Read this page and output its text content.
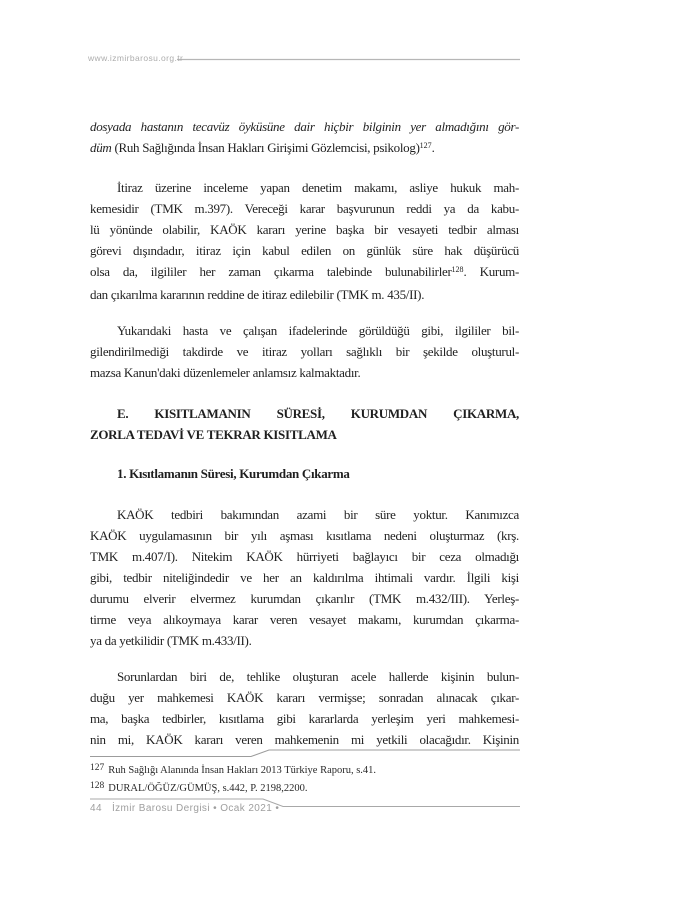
www.izmirbarosu.org.tr
dosyada hastanın tecavüz öyküsüne dair hiçbir bilginin yer almadığını gör-
düm (Ruh Sağlığında İnsan Hakları Girişimi Gözlemcisi, psikolog)$^{127}$.
İtiraz üzerine inceleme yapan denetim makamı, asliye hukuk mah-
kemesidir (TMK m.397). Vereceği karar başvurunun reddi ya da kabu-
lü yönünde olabilir, KAÖK kararı yerine başka bir vesayeti tedbir alması
görevi dışındadır, itiraz için kabul edilen on günlük süre hak düşürücü
olsa da, ilgililer her zaman çıkarma talebinde bulunabilirler$^{128}$. Kurum-
dan çıkarılma kararının reddine de itiraz edilebilir (TMK m. 435/II).
Yukarıdaki hasta ve çalışan ifadelerinde görüldüğü gibi, ilgililer bil-
gilendirilmediği takdirde ve itiraz yolları sağlıklı bir şekilde oluşturul-
mazsa Kanun'daki düzenlemeler anlamsız kalmaktadır.
E. KISITLAMANIN SÜRESİ, KURUMDAN ÇIKARMA,
ZORLA TEDAVİ VE TEKRAR KISITLAMA
1. Kısıtlamanın Süresi, Kurumdan Çıkarma
KAÖK tedbiri bakımından azami bir süre yoktur. Kanımızca
KAÖK uygulamasının bir yılı aşması kısıtlama nedeni oluşturmaz (krş.
TMK m.407/I). Nitekim KAÖK hürriyeti bağlayıcı bir ceza olmadığı
gibi, tedbir niteliğindedir ve her an kaldırılma ihtimali vardır. İlgili kişi
durumu elverir elvermez kurumdan çıkarılır (TMK m.432/III). Yerleş-
tirme veya alıkoymaya karar veren vesayet makamı, kurumdan çıkarma-
ya da yetkilidir (TMK m.433/II).
Sorunlardan biri de, tehlike oluşturan acele hallerde kişinin bulun-
duğu yer mahkemesi KAÖK kararı vermişse; sonradan alınacak çıkar-
ma, başka tedbirler, kısıtlama gibi kararlarda yerleşim yeri mahkemesi-
nin mi, KAÖK kararı veren mahkemenin mi yetkili olacağıdır. Kişinin
127 Ruh Sağlığı Alanında İnsan Hakları 2013 Türkiye Raporu, s.41.
128 DURAL/ÖĞÜZ/GÜMÜŞ, s.442, P. 2198,2200.
44 İzmir Barosu Dergisi • Ocak 2021 •
